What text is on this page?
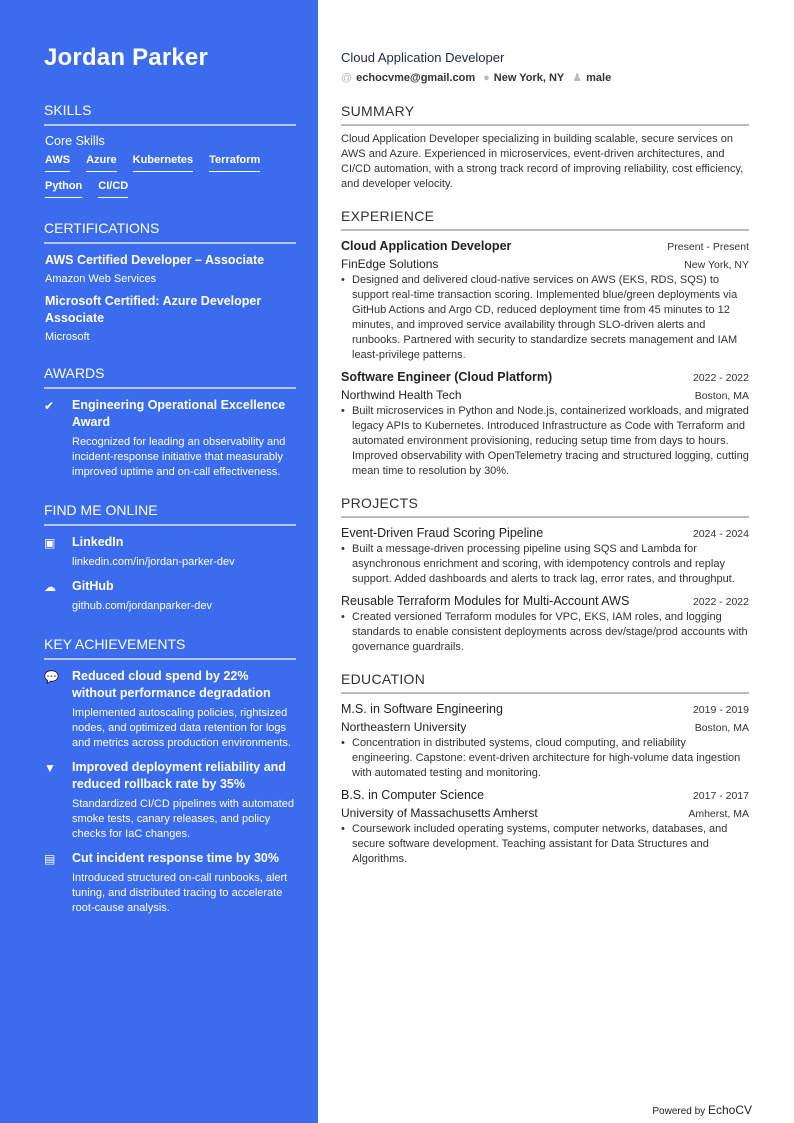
Jordan Parker
SKILLS
Core Skills
AWS Azure Kubernetes Terraform
Python CI/CD
CERTIFICATIONS
AWS Certified Developer – Associate
Amazon Web Services
Microsoft Certified: Azure Developer Associate
Microsoft
AWARDS
✔	Engineering Operational Excellence Award
Recognized for leading an observability and incident-response initiative that measurably improved uptime and on-call effectiveness.
FIND ME ONLINE
▣	LinkedIn
linkedin.com/in/jordan-parker-dev
☁	GitHub
github.com/jordanparker-dev
KEY ACHIEVEMENTS
💬	Reduced cloud spend by 22% without performance degradation
Implemented autoscaling policies, rightsized nodes, and optimized data retention for logs and metrics across production environments.
▼	Improved deployment reliability and reduced rollback rate by 35%
Standardized CI/CD pipelines with automated smoke tests, canary releases, and policy checks for IaC changes.
▤	Cut incident response time by 30%
Introduced structured on-call runbooks, alert tuning, and distributed tracing to accelerate root-cause analysis.
Cloud Application Developer
@ echocvme@gmail.com ● New York, NY ♟ male
SUMMARY
Cloud Application Developer specializing in building scalable, secure services on AWS and Azure. Experienced in microservices, event-driven architectures, and CI/CD automation, with a strong track record of improving reliability, cost efficiency, and developer velocity.
EXPERIENCE
Cloud Application Developer	Present - Present
FinEdge Solutions	New York, NY
• Designed and delivered cloud-native services on AWS (EKS, RDS, SQS) to support real-time transaction scoring. Implemented blue/green deployments via GitHub Actions and Argo CD, reduced deployment time from 45 minutes to 12 minutes, and improved service availability through SLO-driven alerts and runbooks. Partnered with security to standardize secrets management and IAM least-privilege patterns.
Software Engineer (Cloud Platform)	2022 - 2022
Northwind Health Tech	Boston, MA
• Built microservices in Python and Node.js, containerized workloads, and migrated legacy APIs to Kubernetes. Introduced Infrastructure as Code with Terraform and automated environment provisioning, reducing setup time from days to hours. Improved observability with OpenTelemetry tracing and structured logging, cutting mean time to resolution by 30%.
PROJECTS
Event-Driven Fraud Scoring Pipeline	2024 - 2024
• Built a message-driven processing pipeline using SQS and Lambda for asynchronous enrichment and scoring, with idempotency controls and replay support. Added dashboards and alerts to track lag, error rates, and throughput.
Reusable Terraform Modules for Multi-Account AWS	2022 - 2022
• Created versioned Terraform modules for VPC, EKS, IAM roles, and logging standards to enable consistent deployments across dev/stage/prod accounts with governance guardrails.
EDUCATION
M.S. in Software Engineering	2019 - 2019
Northeastern University	Boston, MA
• Concentration in distributed systems, cloud computing, and reliability engineering. Capstone: event-driven architecture for high-volume data ingestion with automated testing and monitoring.
B.S. in Computer Science	2017 - 2017
University of Massachusetts Amherst	Amherst, MA
• Coursework included operating systems, computer networks, databases, and secure software development. Teaching assistant for Data Structures and Algorithms.
Powered by EchoCV
